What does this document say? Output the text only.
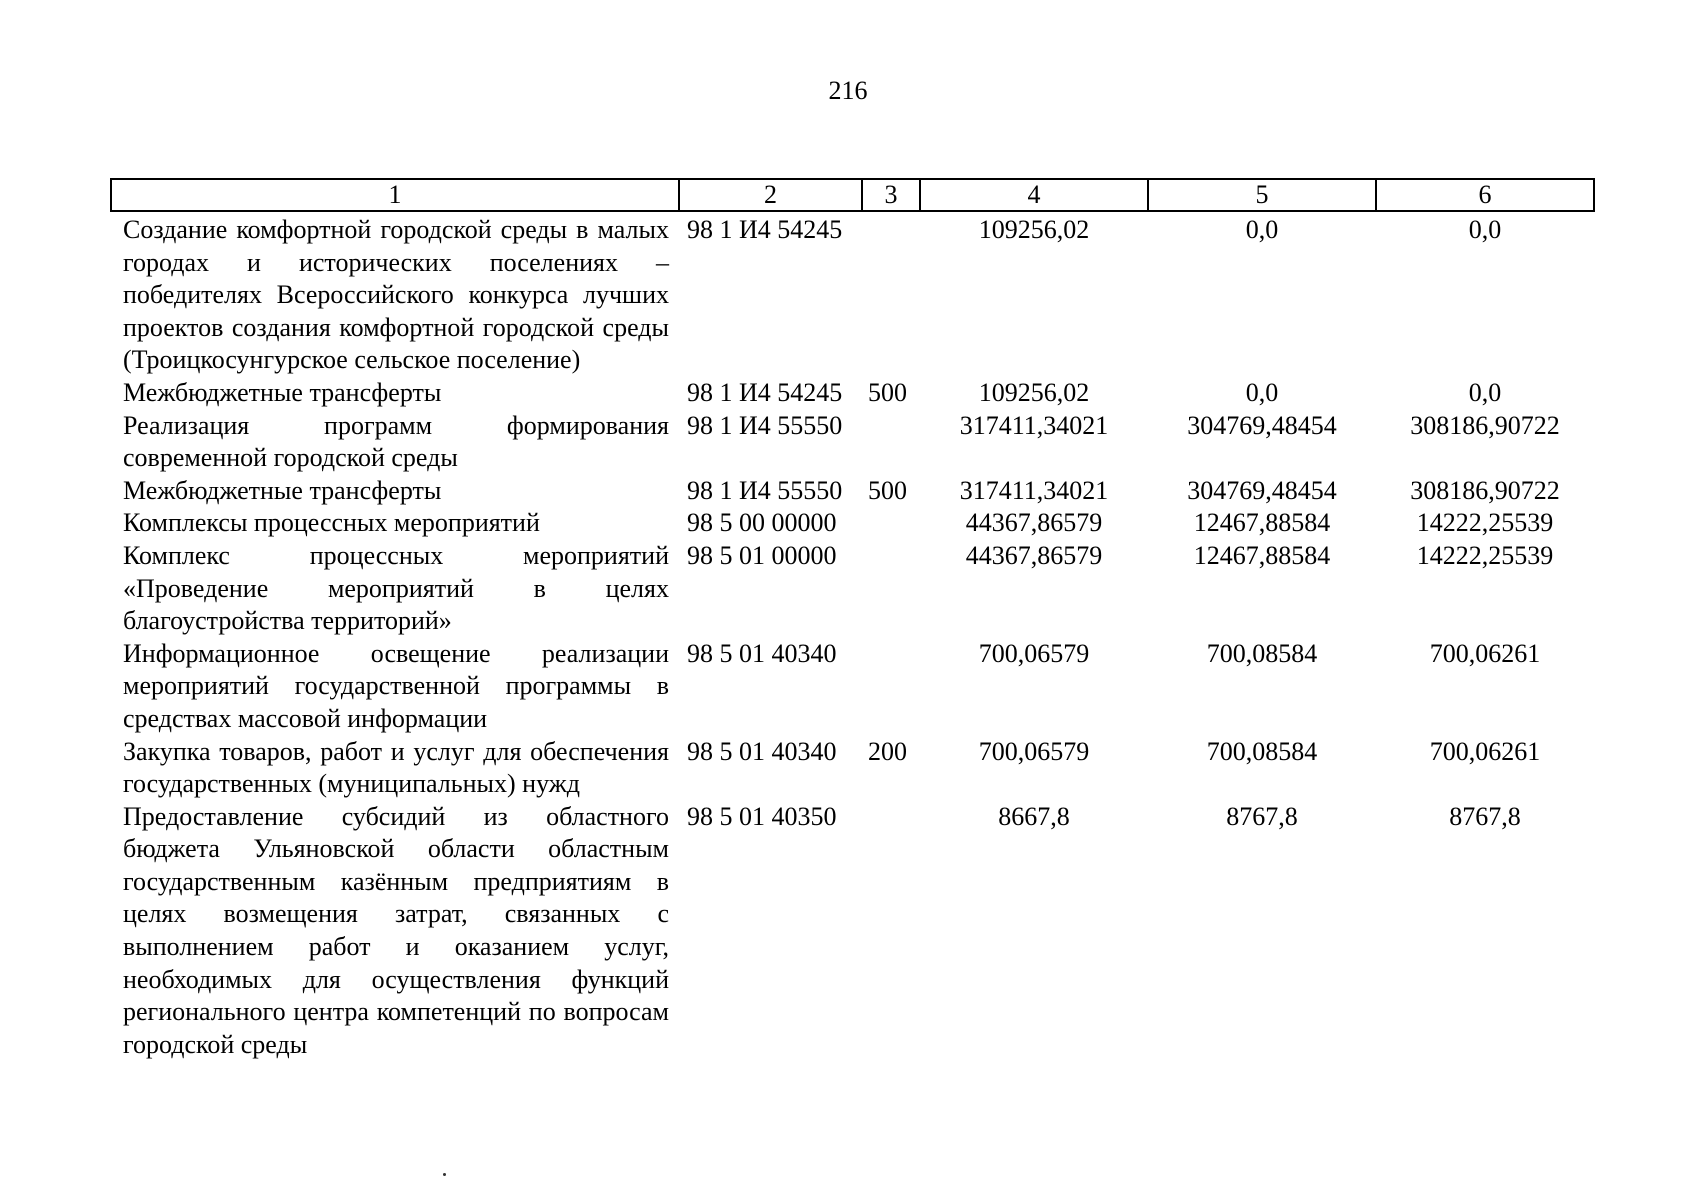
216
1	2	3	4	5	6
Создание комфортной городской среды в малых городах и исторических поселениях – победителях Всероссийского конкурса лучших проектов создания комфортной городской среды (Троицкосунгурское сельское поселение)	98 1 И4 54245		109256,02	0,0	0,0
Межбюджетные трансферты	98 1 И4 54245	500	109256,02	0,0	0,0
Реализация программ формирования современной городской среды	98 1 И4 55550		317411,34021	304769,48454	308186,90722
Межбюджетные трансферты	98 1 И4 55550	500	317411,34021	304769,48454	308186,90722
Комплексы процессных мероприятий	98 5 00 00000		44367,86579	12467,88584	14222,25539
Комплекс процессных мероприятий «Проведение мероприятий в целях благоустройства территорий»	98 5 01 00000		44367,86579	12467,88584	14222,25539
Информационное освещение реализации мероприятий государственной программы в средствах массовой информации	98 5 01 40340		700,06579	700,08584	700,06261
Закупка товаров, работ и услуг для обеспечения государственных (муниципальных) нужд	98 5 01 40340	200	700,06579	700,08584	700,06261
Предоставление субсидий из областного бюджета Ульяновской области областным государственным казённым предприятиям в целях возмещения затрат, связанных с выполнением работ и оказанием услуг, необходимых для осуществления функций регионального центра компетенций по вопросам городской среды	98 5 01 40350		8667,8	8767,8	8767,8
